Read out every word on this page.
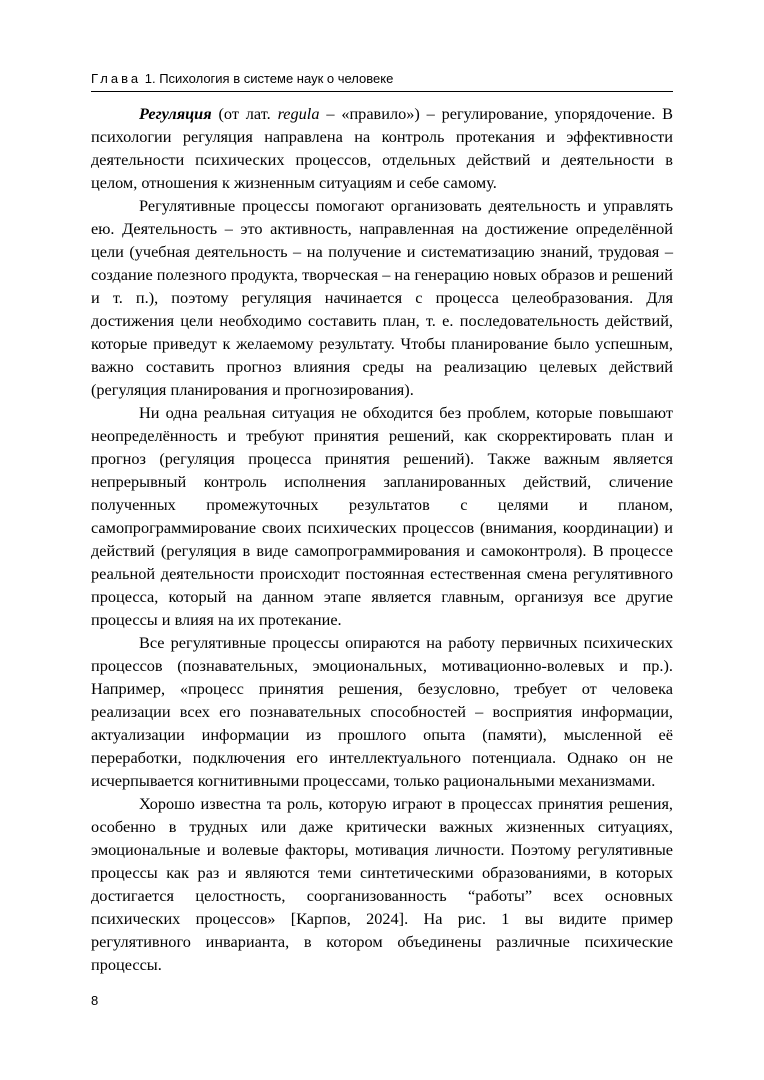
Глава 1. Психология в системе наук о человеке

Регуляция (от лат. regula – «правило») – регулирование, упорядочение. В психологии регуляция направлена на контроль протекания и эффективности деятельности психических процессов, отдельных действий и деятельности в целом, отношения к жизненным ситуациям и себе самому.

Регулятивные процессы помогают организовать деятельность и управлять ею. Деятельность – это активность, направленная на достижение определённой цели (учебная деятельность – на получение и систематизацию знаний, трудовая – создание полезного продукта, творческая – на генерацию новых образов и решений и т. п.), поэтому регуляция начинается с процесса целеобразования. Для достижения цели необходимо составить план, т. е. последовательность действий, которые приведут к желаемому результату. Чтобы планирование было успешным, важно составить прогноз влияния среды на реализацию целевых действий (регуляция планирования и прогнозирования).

Ни одна реальная ситуация не обходится без проблем, которые повышают неопределённость и требуют принятия решений, как скорректировать план и прогноз (регуляция процесса принятия решений). Также важным является непрерывный контроль исполнения запланированных действий, сличение полученных промежуточных результатов с целями и планом, самопрограммирование своих психических процессов (внимания, координации) и действий (регуляция в виде самопрограммирования и самоконтроля). В процессе реальной деятельности происходит постоянная естественная смена регулятивного процесса, который на данном этапе является главным, организуя все другие процессы и влияя на их протекание.

Все регулятивные процессы опираются на работу первичных психических процессов (познавательных, эмоциональных, мотивационно-волевых и пр.). Например, «процесс принятия решения, безусловно, требует от человека реализации всех его познавательных способностей – восприятия информации, актуализации информации из прошлого опыта (памяти), мысленной её переработки, подключения его интеллектуального потенциала. Однако он не исчерпывается когнитивными процессами, только рациональными механизмами.

Хорошо известна та роль, которую играют в процессах принятия решения, особенно в трудных или даже критически важных жизненных ситуациях, эмоциональные и волевые факторы, мотивация личности. Поэтому регулятивные процессы как раз и являются теми синтетическими образованиями, в которых достигается целостность, соорганизованность “работы” всех основных психических процессов» [Карпов, 2024]. На рис. 1 вы видите пример регулятивного инварианта, в котором объединены различные психические процессы.

8
